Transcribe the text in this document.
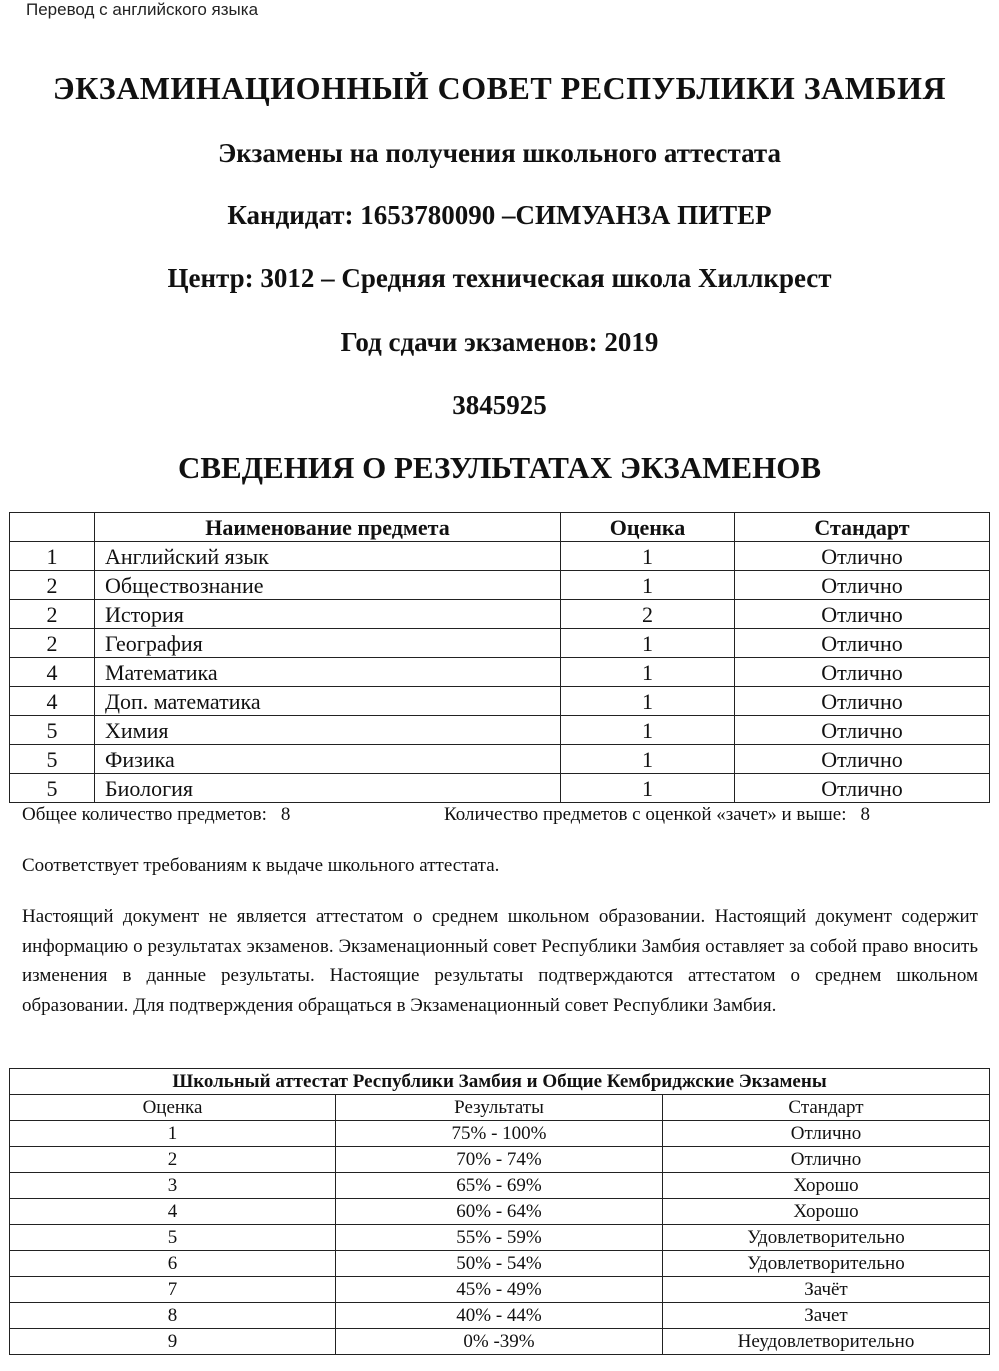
Перевод с английского языка
ЭКЗАМИНАЦИОННЫЙ СОВЕТ РЕСПУБЛИКИ ЗАМБИЯ
Экзамены на получения школьного аттестата
Кандидат: 1653780090 –СИМУАНЗА ПИТЕР
Центр: 3012 – Средняя техническая школа Хиллкрест
Год сдачи экзаменов: 2019
3845925
СВЕДЕНИЯ О РЕЗУЛЬТАТАХ ЭКЗАМЕНОВ
	Наименование предмета	Оценка	Стандарт
1	Английский язык	1	Отлично
2	Обществознание	1	Отлично
2	История	2	Отлично
2	География	1	Отлично
4	Математика	1	Отлично
4	Доп. математика	1	Отлично
5	Химия	1	Отлично
5	Физика	1	Отлично
5	Биология	1	Отлично
Общее количество предметов: 8	Количество предметов с оценкой «зачет» и выше: 8
Соответствует требованиям к выдаче школьного аттестата.
Настоящий документ не является аттестатом о среднем школьном образовании. Настоящий документ содержит информацию о результатах экзаменов. Экзаменационный совет Республики Замбия оставляет за собой право вносить изменения в данные результаты. Настоящие результаты подтверждаются аттестатом о среднем школьном образовании. Для подтверждения обращаться в Экзаменационный совет Республики Замбия.
Школьный аттестат Республики Замбия и Общие Кембриджские Экзамены		
Оценка	Результаты	Стандарт
1	75% - 100%	Отлично
2	70% - 74%	Отлично
3	65% - 69%	Хорошо
4	60% - 64%	Хорошо
5	55% - 59%	Удовлетворительно
6	50% - 54%	Удовлетворительно
7	45% - 49%	Зачёт
8	40% - 44%	Зачет
9	0% -39%	Неудовлетворительно
